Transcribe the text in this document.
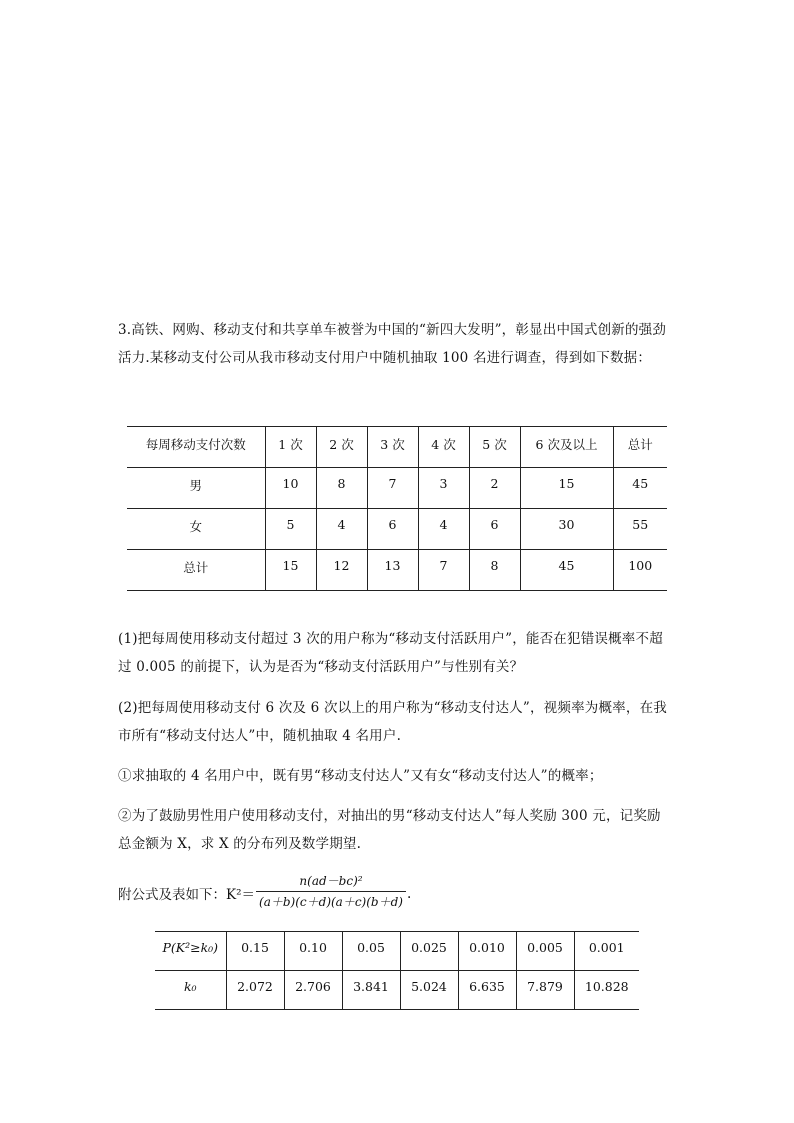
3.高铁、网购、移动支付和共享单车被誉为中国的“新四大发明”，彰显出中国式创新的强劲
活力.某移动支付公司从我市移动支付用户中随机抽取 100 名进行调查，得到如下数据：
每周移动支付次数	1 次	2 次	3 次	4 次	5 次	6 次及以上	总计
男	10	8	7	3	2	15	45
女	5	4	6	4	6	30	55
总计	15	12	13	7	8	45	100
(1)把每周使用移动支付超过 3 次的用户称为“移动支付活跃用户”，能否在犯错误概率不超
过 0.005 的前提下，认为是否为“移动支付活跃用户”与性别有关？
(2)把每周使用移动支付 6 次及 6 次以上的用户称为“移动支付达人”，视频率为概率，在我
市所有“移动支付达人”中，随机抽取 4 名用户.
①求抽取的 4 名用户中，既有男“移动支付达人”又有女“移动支付达人”的概率；
②为了鼓励男性用户使用移动支付，对抽出的男“移动支付达人”每人奖励 300 元，记奖励
总金额为 X，求 X 的分布列及数学期望.
附公式及表如下：K²＝
n(ad－bc)²
(a＋b)(c＋d)(a＋c)(b＋d) .
P(K²≥k₀)	0.15	0.10	0.05	0.025	0.010	0.005	0.001
k₀	2.072	2.706	3.841	5.024	6.635	7.879	10.828
